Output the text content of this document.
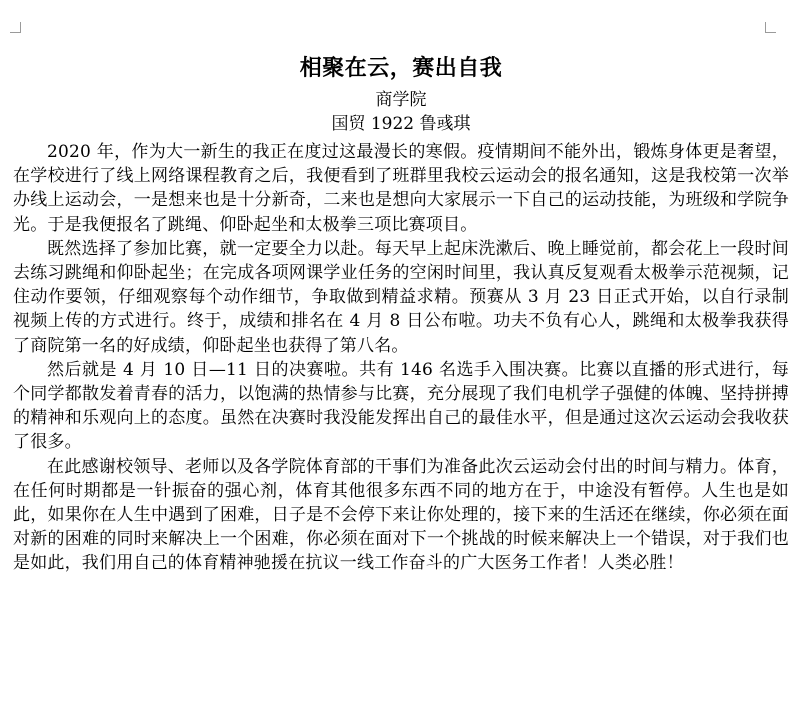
相聚在云，赛出自我

商学院

国贸 1922 鲁彧琪

2020 年，作为大一新生的我正在度过这最漫长的寒假。疫情期间不能外出，锻炼身体更是奢望，在学校进行了线上网络课程教育之后，我便看到了班群里我校云运动会的报名通知，这是我校第一次举办线上运动会，一是想来也是十分新奇，二来也是想向大家展示一下自己的运动技能，为班级和学院争光。于是我便报名了跳绳、仰卧起坐和太极拳三项比赛项目。

既然选择了参加比赛，就一定要全力以赴。每天早上起床洗漱后、晚上睡觉前，都会花上一段时间去练习跳绳和仰卧起坐；在完成各项网课学业任务的空闲时间里，我认真反复观看太极拳示范视频，记住动作要领，仔细观察每个动作细节，争取做到精益求精。预赛从 3 月 23 日正式开始，以自行录制视频上传的方式进行。终于，成绩和排名在 4 月 8 日公布啦。功夫不负有心人，跳绳和太极拳我获得了商院第一名的好成绩，仰卧起坐也获得了第八名。

然后就是 4 月 10 日—11 日的决赛啦。共有 146 名选手入围决赛。比赛以直播的形式进行，每个同学都散发着青春的活力，以饱满的热情参与比赛，充分展现了我们电机学子强健的体魄、坚持拼搏的精神和乐观向上的态度。虽然在决赛时我没能发挥出自己的最佳水平，但是通过这次云运动会我收获了很多。

在此感谢校领导、老师以及各学院体育部的干事们为准备此次云运动会付出的时间与精力。体育，在任何时期都是一针振奋的强心剂，体育其他很多东西不同的地方在于，中途没有暂停。人生也是如此，如果你在人生中遇到了困难，日子是不会停下来让你处理的，接下来的生活还在继续，你必须在面对新的困难的同时来解决上一个困难，你必须在面对下一个挑战的时候来解决上一个错误，对于我们也是如此，我们用自己的体育精神驰援在抗议一线工作奋斗的广大医务工作者！人类必胜！
